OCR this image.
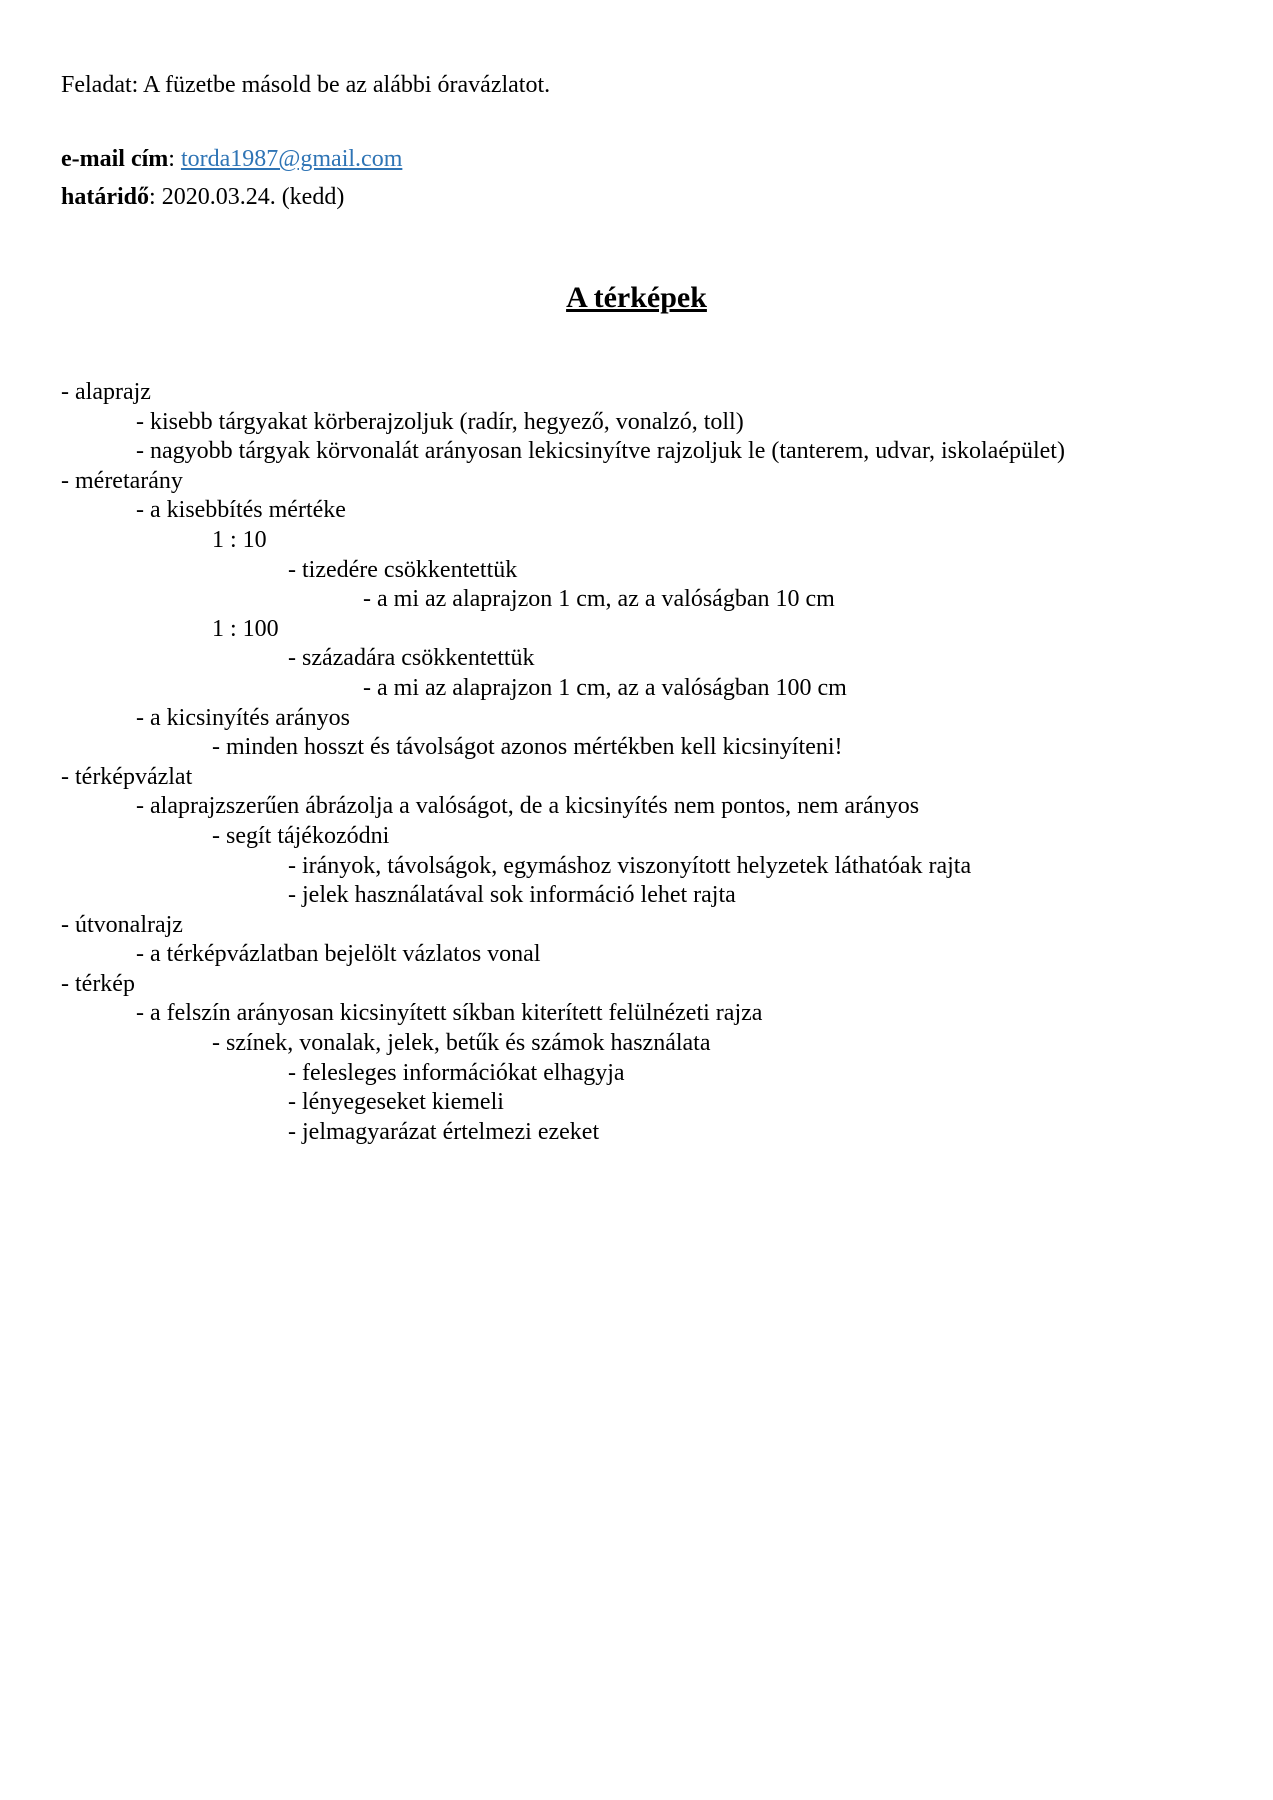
Feladat: A füzetbe másold be az alábbi óravázlatot.
e-mail cím: torda1987@gmail.com
határidő: 2020.03.24. (kedd)
A térképek
- alaprajz
- kisebb tárgyakat körberajzoljuk (radír, hegyező, vonalzó, toll)
- nagyobb tárgyak körvonalát arányosan lekicsinyítve rajzoljuk le (tanterem, udvar, iskolaépület)
- méretarány
- a kisebbítés mértéke
1 : 10
- tizedére csökkentettük
- a mi az alaprajzon 1 cm, az a valóságban 10 cm
1 : 100
- századára csökkentettük
- a mi az alaprajzon 1 cm, az a valóságban 100 cm
- a kicsinyítés arányos
- minden hosszt és távolságot azonos mértékben kell kicsinyíteni!
- térképvázlat
- alaprajzszerűen ábrázolja a valóságot, de a kicsinyítés nem pontos, nem arányos
- segít tájékozódni
- irányok, távolságok, egymáshoz viszonyított helyzetek láthatóak rajta
- jelek használatával sok információ lehet rajta
- útvonalrajz
- a térképvázlatban bejelölt vázlatos vonal
- térkép
- a felszín arányosan kicsinyített síkban kiterített felülnézeti rajza
- színek, vonalak, jelek, betűk és számok használata
- felesleges információkat elhagyja
- lényegeseket kiemeli
- jelmagyarázat értelmezi ezeket
